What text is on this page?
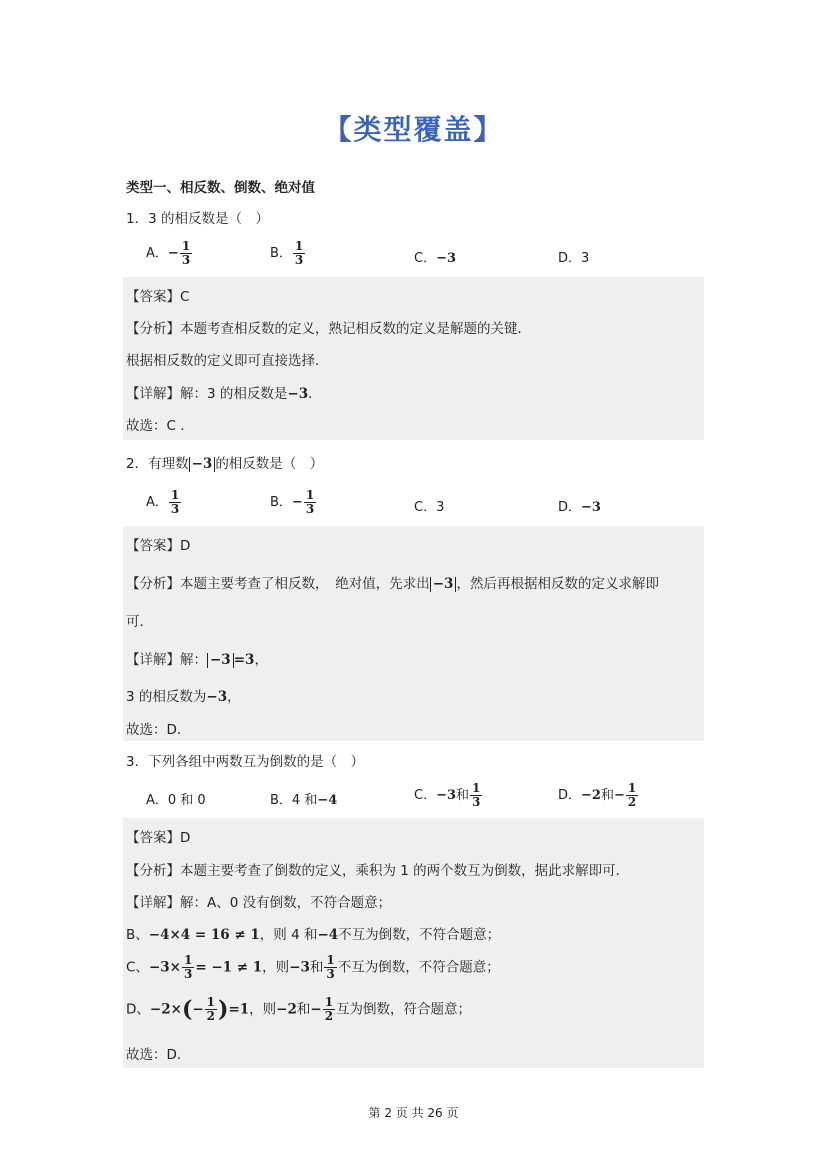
【类型覆盖】
类型一、相反数、倒数、绝对值
1．3 的相反数是（　）
A．− $\frac{1}{3}$	B． $\frac{1}{3}$	C．−3	D．3
【答案】C
【分析】本题考查相反数的定义，熟记相反数的定义是解题的关键．
根据相反数的定义即可直接选择．
【详解】解：3 的相反数是−3．
故选：C ．
2．有理数 −3 的相反数是（　）
A． $\frac{1}{3}$	B．− $\frac{1}{3}$	C．3	D．−3
【答案】D
【分析】本题主要考查了相反数，　绝对值，先求出 −3 ，然后再根据相反数的定义求解即
可．
【详解】解： −3 =3，
3 的相反数为−3，
故选：D．
3．下列各组中两数互为倒数的是（　）
A．0 和 0	B．4 和−4	C．−3和 $\frac{1}{3}$	D．−2和− $\frac{1}{2}$
【答案】D
【分析】本题主要考查了倒数的定义，乘积为 1 的两个数互为倒数，据此求解即可．
【详解】解：A、0 没有倒数，不符合题意；
B、−4×4 = 16 ≠ 1，则 4 和−4不互为倒数，不符合题意；
C、$-3\times \frac{1}{3} = -1 \ne 1$，则−3和 $\frac{1}{3}$ 不互为倒数，不符合题意；
D、$-2\times(- \frac{1}{2} )=1$，则−2和− $\frac{1}{2}$ 互为倒数，符合题意；
故选：D．
第 2 页 共 26 页
